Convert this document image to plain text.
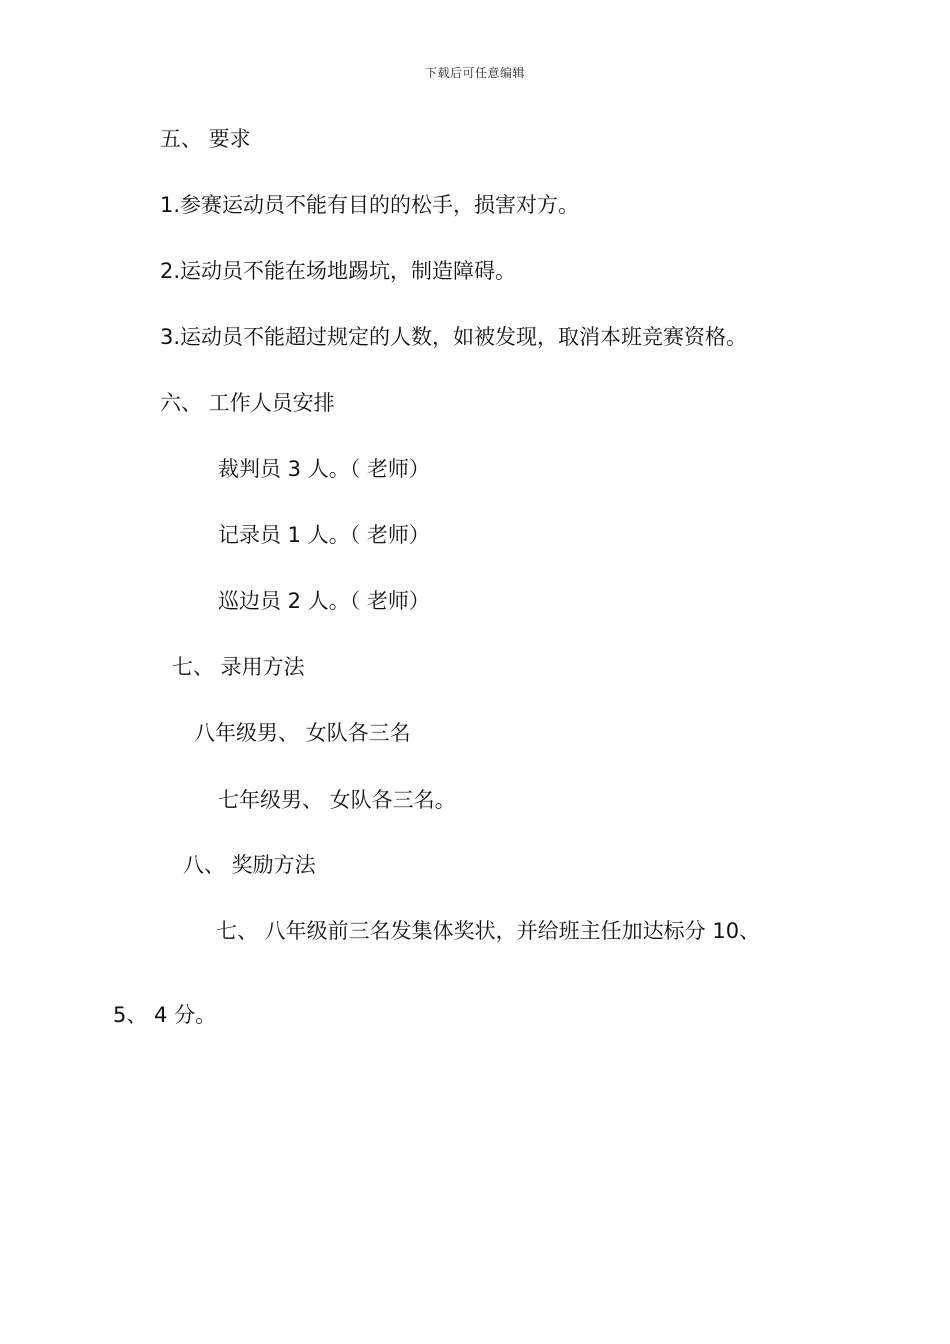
下载后可任意编辑
五、 要求
1.参赛运动员不能有目的的松手，损害对方。
2.运动员不能在场地踢坑，制造障碍。
3.运动员不能超过规定的人数，如被发现，取消本班竞赛资格。
六、 工作人员安排
裁判员 3 人。（ 老师）
记录员 1 人。（ 老师）
巡边员 2 人。（ 老师）
七、 录用方法
八年级男、 女队各三名
七年级男、 女队各三名。
八、 奖励方法
七、 八年级前三名发集体奖状，并给班主任加达标分 10、
5、 4 分。
